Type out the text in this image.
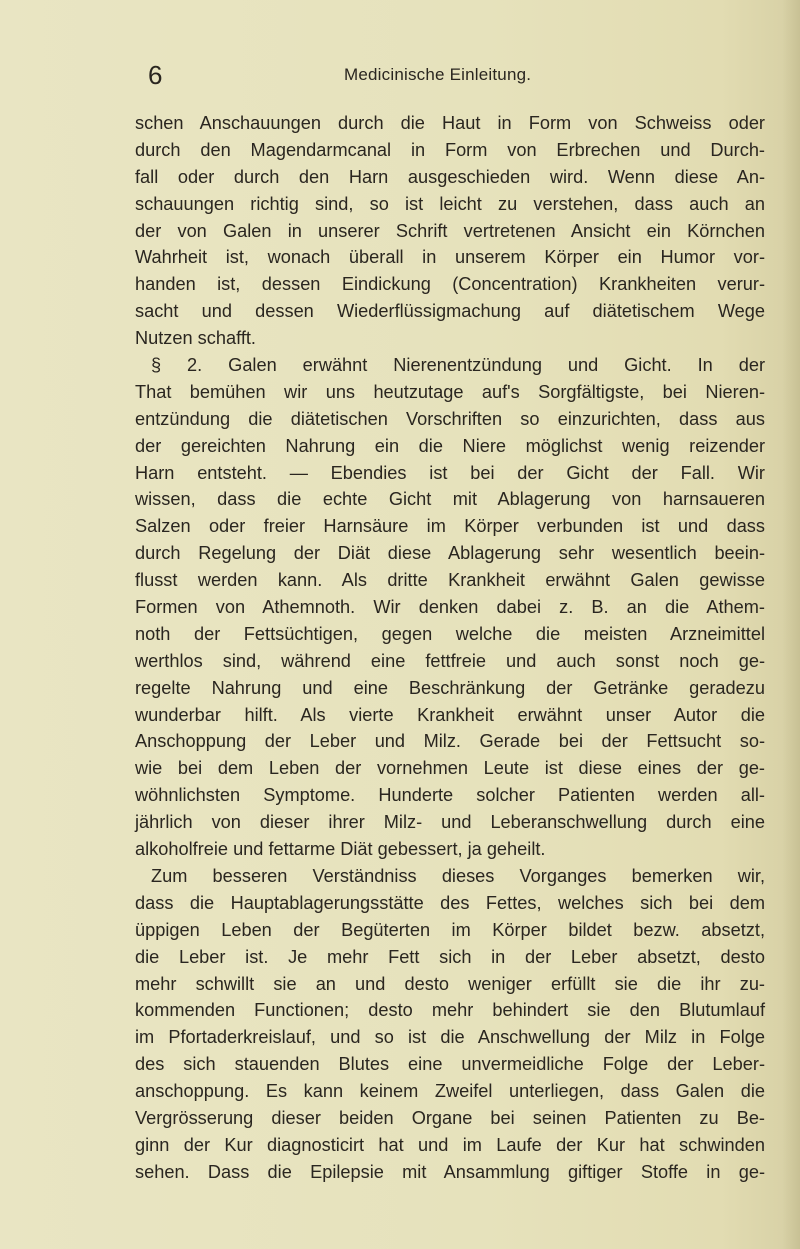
6	Medicinische Einleitung.
schen Anschauungen durch die Haut in Form von Schweiss oder
durch den Magendarmcanal in Form von Erbrechen und Durch-
fall oder durch den Harn ausgeschieden wird. Wenn diese An-
schauungen richtig sind, so ist leicht zu verstehen, dass auch an
der von Galen in unserer Schrift vertretenen Ansicht ein Körnchen
Wahrheit ist, wonach überall in unserem Körper ein Humor vor-
handen ist, dessen Eindickung (Concentration) Krankheiten verur-
sacht und dessen Wiederflüssigmachung auf diätetischem Wege
Nutzen schafft.
§ 2. Galen erwähnt Nierenentzündung und Gicht. In der
That bemühen wir uns heutzutage auf's Sorgfältigste, bei Nieren-
entzündung die diätetischen Vorschriften so einzurichten, dass aus
der gereichten Nahrung ein die Niere möglichst wenig reizender
Harn entsteht. — Ebendies ist bei der Gicht der Fall. Wir
wissen, dass die echte Gicht mit Ablagerung von harnsaueren
Salzen oder freier Harnsäure im Körper verbunden ist und dass
durch Regelung der Diät diese Ablagerung sehr wesentlich beein-
flusst werden kann. Als dritte Krankheit erwähnt Galen gewisse
Formen von Athemnoth. Wir denken dabei z. B. an die Athem-
noth der Fettsüchtigen, gegen welche die meisten Arzneimittel
werthlos sind, während eine fettfreie und auch sonst noch ge-
regelte Nahrung und eine Beschränkung der Getränke geradezu
wunderbar hilft. Als vierte Krankheit erwähnt unser Autor die
Anschoppung der Leber und Milz. Gerade bei der Fettsucht so-
wie bei dem Leben der vornehmen Leute ist diese eines der ge-
wöhnlichsten Symptome. Hunderte solcher Patienten werden all-
jährlich von dieser ihrer Milz- und Leberanschwellung durch eine
alkoholfreie und fettarme Diät gebessert, ja geheilt.
Zum besseren Verständniss dieses Vorganges bemerken wir,
dass die Hauptablagerungsstätte des Fettes, welches sich bei dem
üppigen Leben der Begüterten im Körper bildet bezw. absetzt,
die Leber ist. Je mehr Fett sich in der Leber absetzt, desto
mehr schwillt sie an und desto weniger erfüllt sie die ihr zu-
kommenden Functionen; desto mehr behindert sie den Blutumlauf
im Pfortaderkreislauf, und so ist die Anschwellung der Milz in Folge
des sich stauenden Blutes eine unvermeidliche Folge der Leber-
anschoppung. Es kann keinem Zweifel unterliegen, dass Galen die
Vergrösserung dieser beiden Organe bei seinen Patienten zu Be-
ginn der Kur diagnosticirt hat und im Laufe der Kur hat schwinden
sehen. Dass die Epilepsie mit Ansammlung giftiger Stoffe in ge-
